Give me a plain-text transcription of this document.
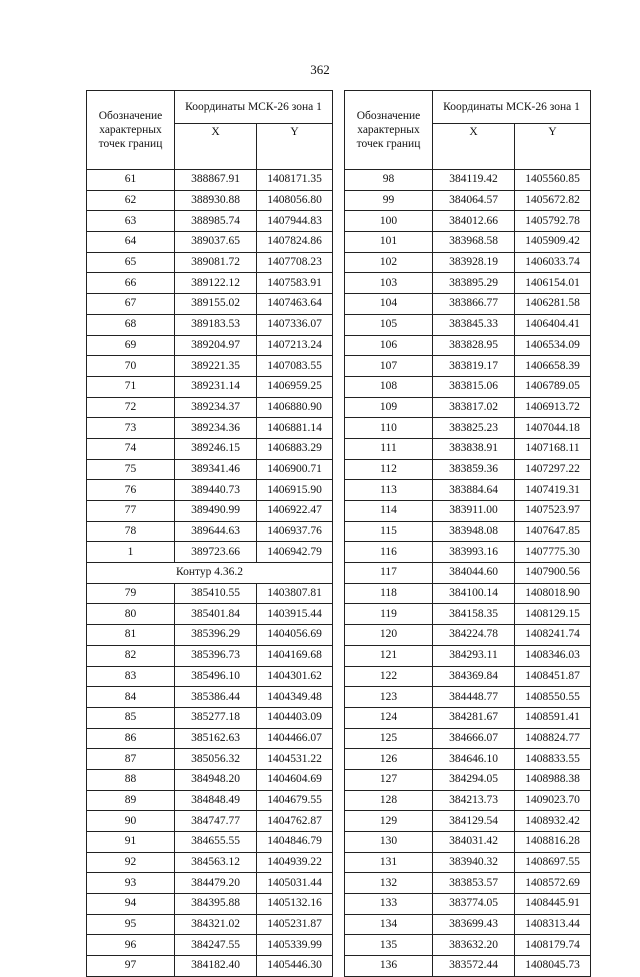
362
Обозначение характерных точек границ	Координаты МСК-26 зона 1	
	X	Y
61	388867.91	1408171.35
62	388930.88	1408056.80
63	388985.74	1407944.83
64	389037.65	1407824.86
65	389081.72	1407708.23
66	389122.12	1407583.91
67	389155.02	1407463.64
68	389183.53	1407336.07
69	389204.97	1407213.24
70	389221.35	1407083.55
71	389231.14	1406959.25
72	389234.37	1406880.90
73	389234.36	1406881.14
74	389246.15	1406883.29
75	389341.46	1406900.71
76	389440.73	1406915.90
77	389490.99	1406922.47
78	389644.63	1406937.76
1	389723.66	1406942.79
Контур 4.36.2		
79	385410.55	1403807.81
80	385401.84	1403915.44
81	385396.29	1404056.69
82	385396.73	1404169.68
83	385496.10	1404301.62
84	385386.44	1404349.48
85	385277.18	1404403.09
86	385162.63	1404466.07
87	385056.32	1404531.22
88	384948.20	1404604.69
89	384848.49	1404679.55
90	384747.77	1404762.87
91	384655.55	1404846.79
92	384563.12	1404939.22
93	384479.20	1405031.44
94	384395.88	1405132.16
95	384321.02	1405231.87
96	384247.55	1405339.99
97	384182.40	1405446.30
Обозначение характерных точек границ	Координаты МСК-26 зона 1	
	X	Y
98	384119.42	1405560.85
99	384064.57	1405672.82
100	384012.66	1405792.78
101	383968.58	1405909.42
102	383928.19	1406033.74
103	383895.29	1406154.01
104	383866.77	1406281.58
105	383845.33	1406404.41
106	383828.95	1406534.09
107	383819.17	1406658.39
108	383815.06	1406789.05
109	383817.02	1406913.72
110	383825.23	1407044.18
111	383838.91	1407168.11
112	383859.36	1407297.22
113	383884.64	1407419.31
114	383911.00	1407523.97
115	383948.08	1407647.85
116	383993.16	1407775.30
117	384044.60	1407900.56
118	384100.14	1408018.90
119	384158.35	1408129.15
120	384224.78	1408241.74
121	384293.11	1408346.03
122	384369.84	1408451.87
123	384448.77	1408550.55
124	384281.67	1408591.41
125	384666.07	1408824.77
126	384646.10	1408833.55
127	384294.05	1408988.38
128	384213.73	1409023.70
129	384129.54	1408932.42
130	384031.42	1408816.28
131	383940.32	1408697.55
132	383853.57	1408572.69
133	383774.05	1408445.91
134	383699.43	1408313.44
135	383632.20	1408179.74
136	383572.44	1408045.73
